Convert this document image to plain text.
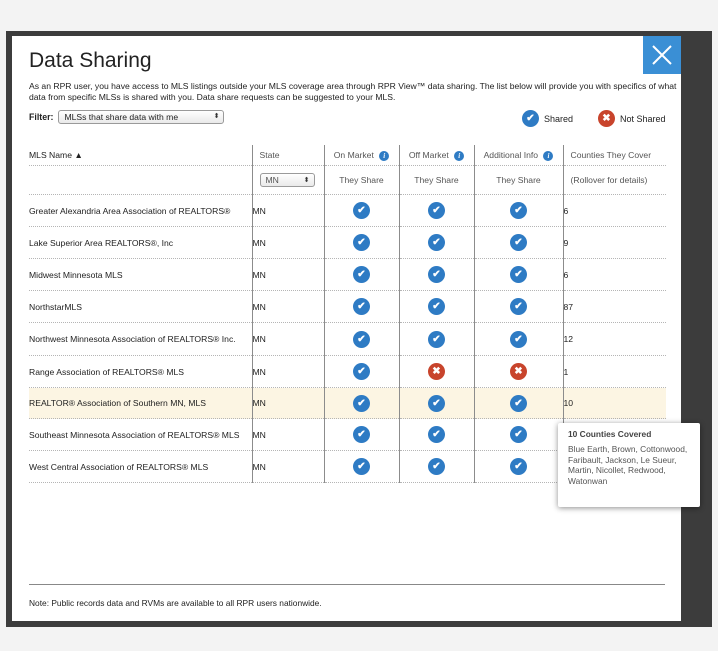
Data Sharing
As an RPR user, you have access to MLS listings outside your MLS coverage area through RPR View™ data sharing. The list below will provide you with specifics of what data from specific MLSs is shared with you. Data share requests can be suggested to your MLS.
Filter: MLSs that share data with me	⬍	✔	Shared	✖	Not Shared
MLS Name ▲	State	On Market i	Off Market i	Additional Info i	Counties They Cover

	MN ⬍	They Share	They Share	They Share	(Rollover for details)
Greater Alexandria Area Association of REALTORS®	MN	✔	✔	✔	6
Lake Superior Area REALTORS®, Inc	MN	✔	✔	✔	9
Midwest Minnesota MLS	MN	✔	✔	✔	6
NorthstarMLS	MN	✔	✔	✔	87
Northwest Minnesota Association of REALTORS® Inc.	MN	✔	✔	✔	12
Range Association of REALTORS® MLS	MN	✔	✖	✖	1
REALTOR® Association of Southern MN, MLS	MN	✔	✔	✔	10
Southeast Minnesota Association of REALTORS® MLS	MN	✔	✔	✔	
West Central Association of REALTORS® MLS	MN	✔	✔	✔	
Note: Public records data and RVMs are available to all RPR users nationwide.
10 Counties Covered
Blue Earth, Brown, Cottonwood, Faribault, Jackson, Le Sueur, Martin, Nicollet, Redwood, Watonwan
